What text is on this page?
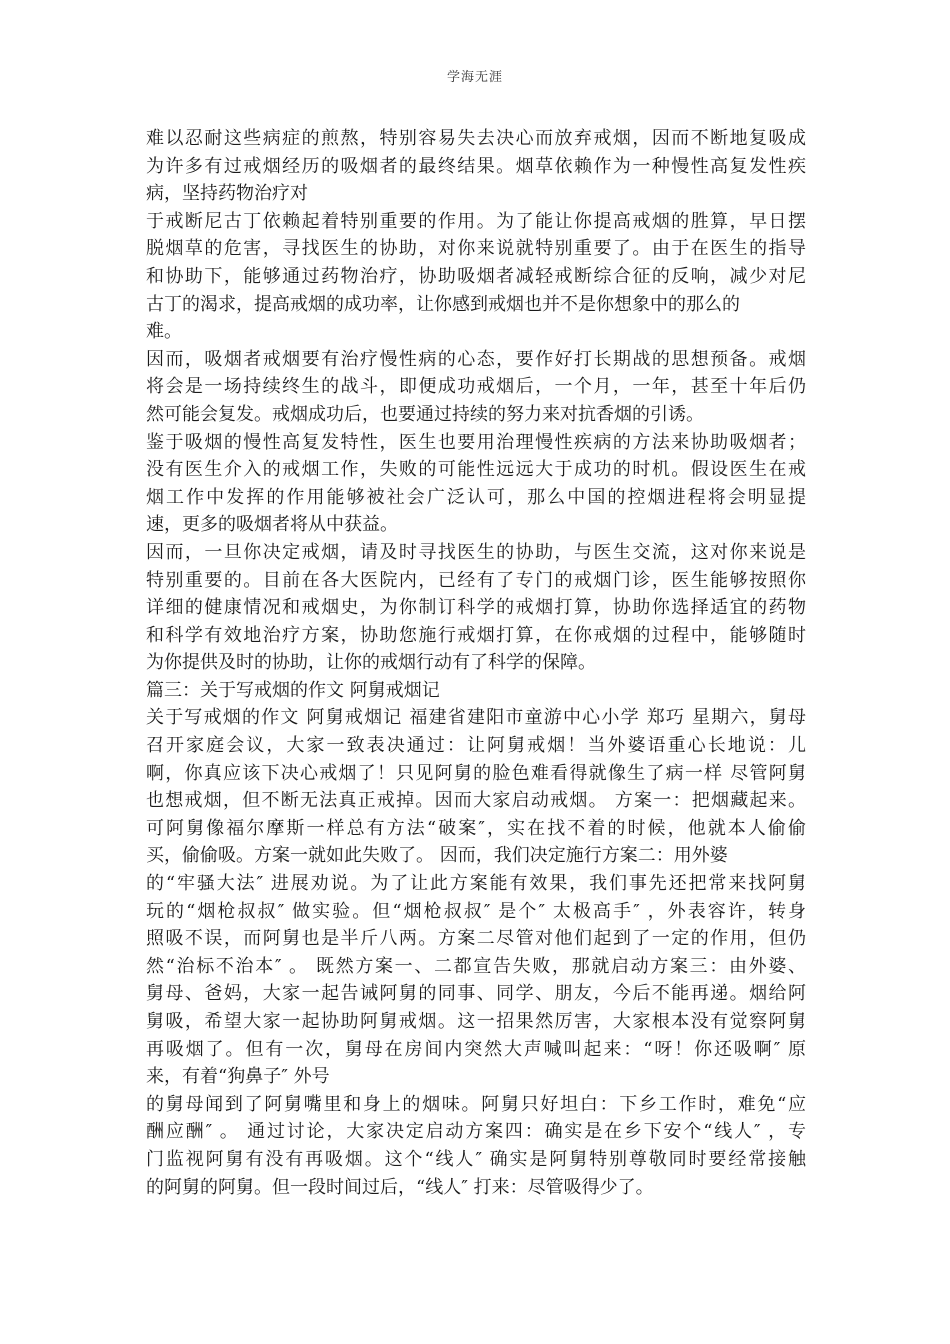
学海无涯
难以忍耐这些病症的煎熬，特别容易失去决心而放弃戒烟，因而不断地复吸成
为许多有过戒烟经历的吸烟者的最终结果。烟草依赖作为一种慢性高复发性疾
病，坚持药物治疗对
于戒断尼古丁依赖起着特别重要的作用。为了能让你提高戒烟的胜算，早日摆
脱烟草的危害，寻找医生的协助，对你来说就特别重要了。由于在医生的指导
和协助下，能够通过药物治疗，协助吸烟者减轻戒断综合征的反响，减少对尼
古丁的渴求，提高戒烟的成功率，让你感到戒烟也并不是你想象中的那么的
难。
因而，吸烟者戒烟要有治疗慢性病的心态，要作好打长期战的思想预备。戒烟
将会是一场持续终生的战斗，即便成功戒烟后，一个月，一年，甚至十年后仍
然可能会复发。戒烟成功后，也要通过持续的努力来对抗香烟的引诱。
鉴于吸烟的慢性高复发特性，医生也要用治理慢性疾病的方法来协助吸烟者；
没有医生介入的戒烟工作，失败的可能性远远大于成功的时机。假设医生在戒
烟工作中发挥的作用能够被社会广泛认可，那么中国的控烟进程将会明显提
速，更多的吸烟者将从中获益。
因而，一旦你决定戒烟，请及时寻找医生的协助，与医生交流，这对你来说是
特别重要的。目前在各大医院内，已经有了专门的戒烟门诊，医生能够按照你
详细的健康情况和戒烟史，为你制订科学的戒烟打算，协助你选择适宜的药物
和科学有效地治疗方案，协助您施行戒烟打算，在你戒烟的过程中，能够随时
为你提供及时的协助，让你的戒烟行动有了科学的保障。
篇三：关于写戒烟的作文 阿舅戒烟记
关于写戒烟的作文 阿舅戒烟记 福建省建阳市童游中心小学 郑巧 星期六，舅母
召开家庭会议，大家一致表决通过：让阿舅戒烟！当外婆语重心长地说：儿
啊，你真应该下决心戒烟了！只见阿舅的脸色难看得就像生了病一样 尽管阿舅
也想戒烟，但不断无法真正戒掉。因而大家启动戒烟。 方案一：把烟藏起来。
可阿舅像福尔摩斯一样总有方法“破案″，实在找不着的时候，他就本人偷偷
买，偷偷吸。方案一就如此失败了。 因而，我们决定施行方案二：用外婆
的“牢骚大法″ 进展劝说。为了让此方案能有效果，我们事先还把常来找阿舅
玩的“烟枪叔叔″ 做实验。但“烟枪叔叔″ 是个″ 太极高手″ ，外表容许，转身
照吸不误，而阿舅也是半斤八两。方案二尽管对他们起到了一定的作用，但仍
然“治标不治本″ 。 既然方案一、二都宣告失败，那就启动方案三：由外婆、
舅母、爸妈，大家一起告诫阿舅的同事、同学、朋友，今后不能再递。烟给阿
舅吸，希望大家一起协助阿舅戒烟。这一招果然厉害，大家根本没有觉察阿舅
再吸烟了。但有一次，舅母在房间内突然大声喊叫起来：“呀！你还吸啊″ 原
来，有着“狗鼻子″ 外号
的舅母闻到了阿舅嘴里和身上的烟味。阿舅只好坦白：下乡工作时，难免“应
酬应酬″ 。 通过讨论，大家决定启动方案四：确实是在乡下安个“线人″ ，专
门监视阿舅有没有再吸烟。这个“线人″ 确实是阿舅特别尊敬同时要经常接触
的阿舅的阿舅。但一段时间过后，“线人″ 打来：尽管吸得少了。
